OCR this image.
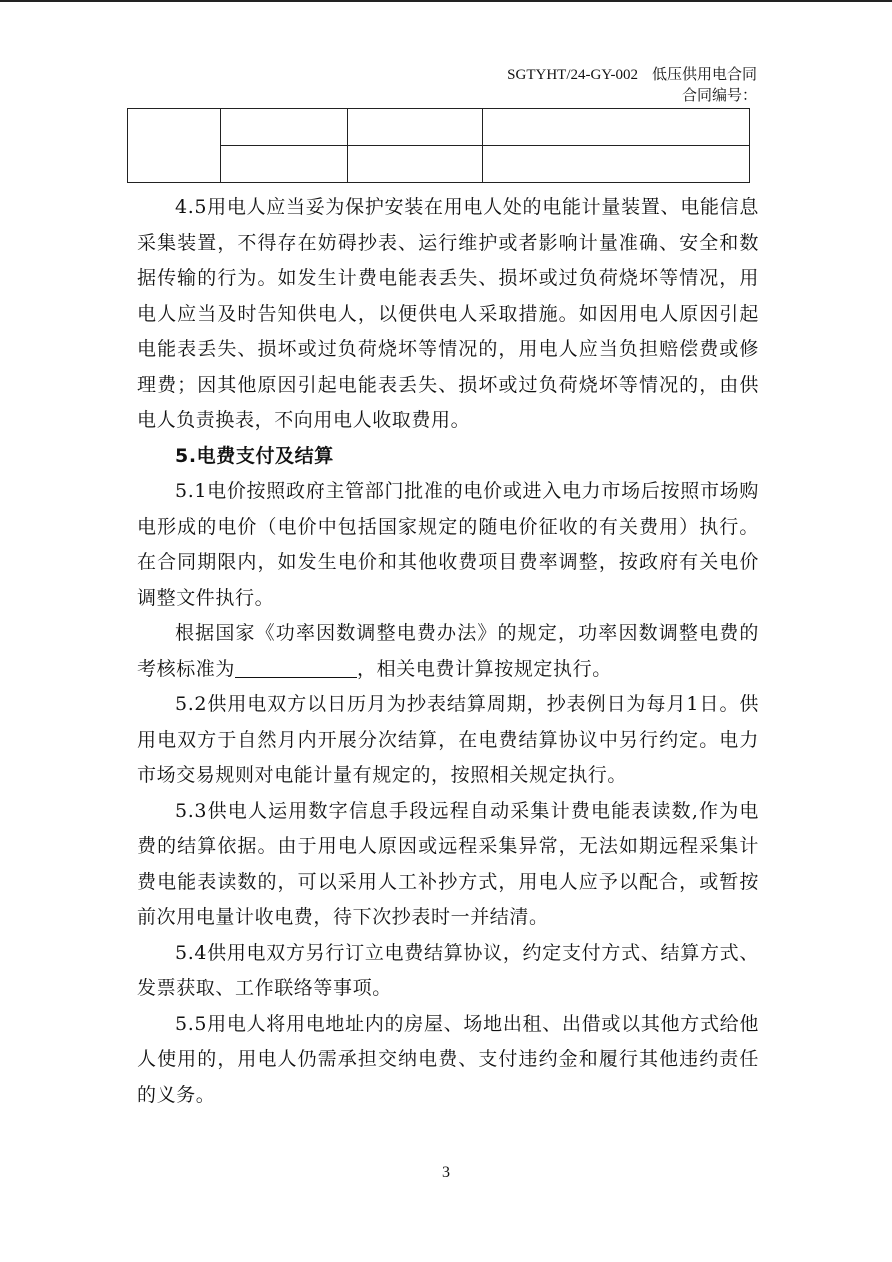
SGTYHT/24-GY-002 低压供用电合同
合同编号：

4.5用电人应当妥为保护安装在用电人处的电能计量装置、电能信息采集装置，不得存在妨碍抄表、运行维护或者影响计量准确、安全和数据传输的行为。如发生计费电能表丢失、损坏或过负荷烧坏等情况，用电人应当及时告知供电人，以便供电人采取措施。如因用电人原因引起电能表丢失、损坏或过负荷烧坏等情况的，用电人应当负担赔偿费或修理费；因其他原因引起电能表丢失、损坏或过负荷烧坏等情况的，由供电人负责换表，不向用电人收取费用。

5.电费支付及结算

5.1电价按照政府主管部门批准的电价或进入电力市场后按照市场购电形成的电价（电价中包括国家规定的随电价征收的有关费用）执行。在合同期限内，如发生电价和其他收费项目费率调整，按政府有关电价调整文件执行。

根据国家《功率因数调整电费办法》的规定，功率因数调整电费的考核标准为	，相关电费计算按规定执行。

5.2供用电双方以日历月为抄表结算周期，抄表例日为每月1日。供用电双方于自然月内开展分次结算，在电费结算协议中另行约定。电力市场交易规则对电能计量有规定的，按照相关规定执行。

5.3供电人运用数字信息手段远程自动采集计费电能表读数,作为电费的结算依据。由于用电人原因或远程采集异常，无法如期远程采集计费电能表读数的，可以采用人工补抄方式，用电人应予以配合，或暂按前次用电量计收电费，待下次抄表时一并结清。

5.4供用电双方另行订立电费结算协议，约定支付方式、结算方式、发票获取、工作联络等事项。

5.5用电人将用电地址内的房屋、场地出租、出借或以其他方式给他人使用的，用电人仍需承担交纳电费、支付违约金和履行其他违约责任的义务。

3
